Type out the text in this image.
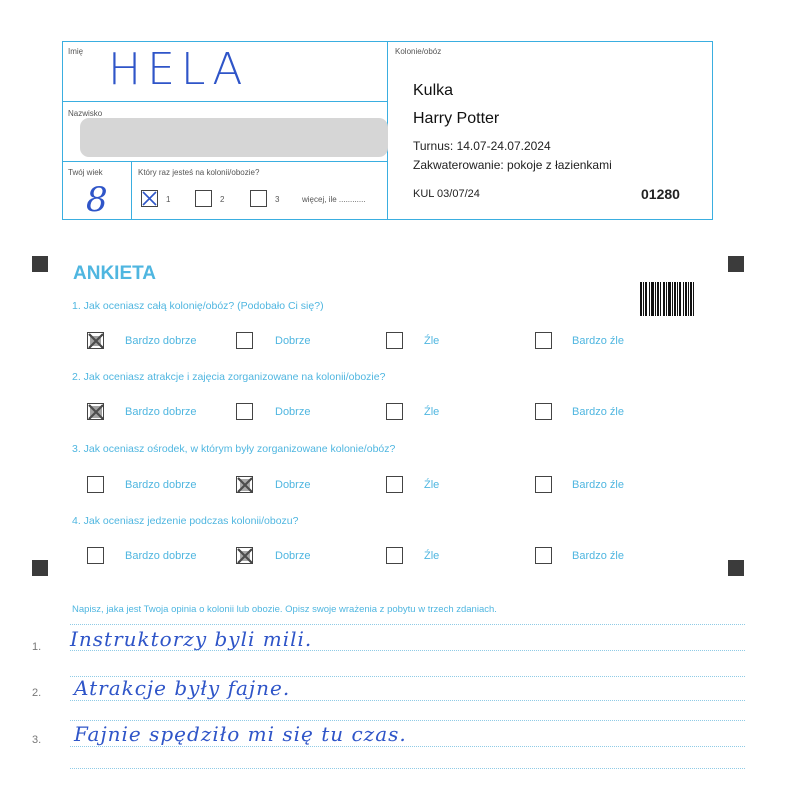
Imię HELA
Nazwisko
Twój wiek
8
Który raz jesteś na kolonii/obozie?
1	2	3	więcej, ile ............
Kolonie/obóz
Kulka
Harry Potter
Turnus: 14.07-24.07.2024
Zakwaterowanie: pokoje z łazienkami
KUL 03/07/24	01280
ANKIETA
1. Jak oceniasz całą kolonię/obóz? (Podobało Ci się?)
Bardzo dobrze	Dobrze	Źle	Bardzo źle
2. Jak oceniasz atrakcje i zajęcia zorganizowane na kolonii/obozie?
Bardzo dobrze	Dobrze	Źle	Bardzo źle
3. Jak oceniasz ośrodek, w którym były zorganizowane kolonie/obóz?
Bardzo dobrze	Dobrze	Źle	Bardzo źle
4. Jak oceniasz jedzenie podczas kolonii/obozu?
Bardzo dobrze	Dobrze	Źle	Bardzo źle
Napisz, jaka jest Twoja opinia o kolonii lub obozie. Opisz swoje wrażenia z pobytu w trzech zdaniach.
1. Instruktorzy byli mili.
2. Atrakcje były fajne.
3. Fajnie spędziło mi się tu czas.
